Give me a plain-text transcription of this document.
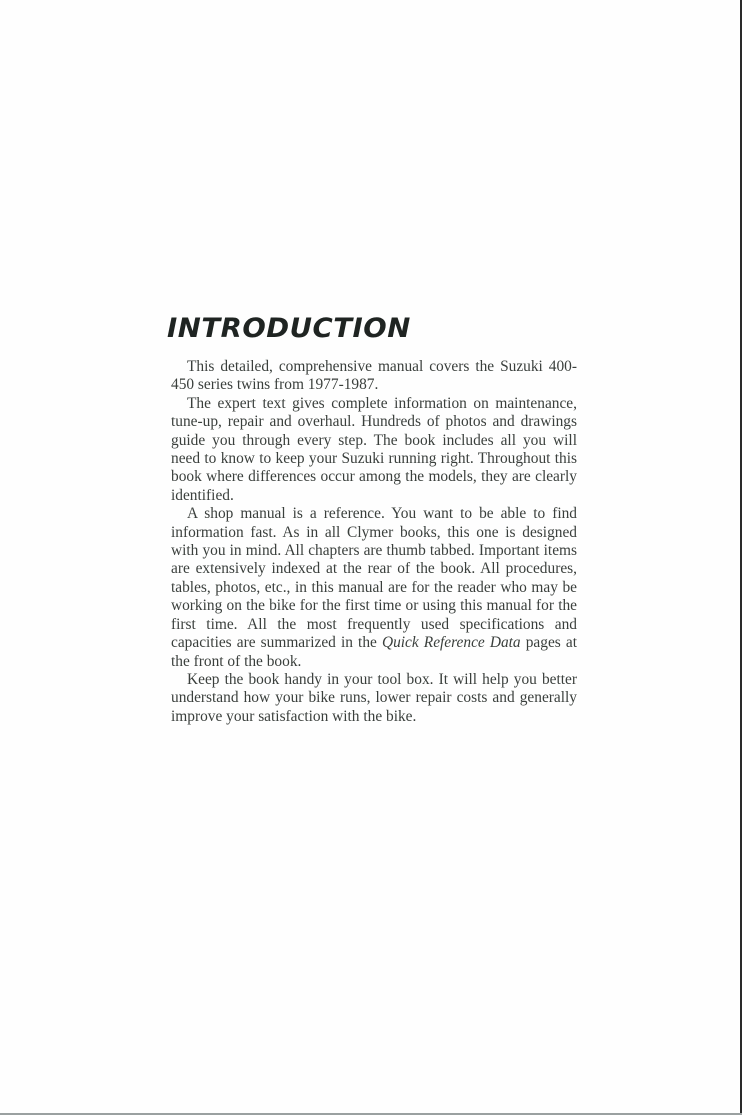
INTRODUCTION

This detailed, comprehensive manual covers the Suzuki 400-450 series twins from 1977-1987.

The expert text gives complete information on maintenance, tune-up, repair and overhaul. Hundreds of photos and drawings guide you through every step. The book includes all you will need to know to keep your Suzuki running right. Throughout this book where differences occur among the models, they are clearly identified.

A shop manual is a reference. You want to be able to find information fast. As in all Clymer books, this one is designed with you in mind. All chapters are thumb tabbed. Important items are extensively indexed at the rear of the book. All procedures, tables, photos, etc., in this manual are for the reader who may be working on the bike for the first time or using this manual for the first time. All the most frequently used specifications and capacities are summarized in the Quick Reference Data pages at the front of the book.

Keep the book handy in your tool box. It will help you better understand how your bike runs, lower repair costs and generally improve your satisfaction with the bike.
